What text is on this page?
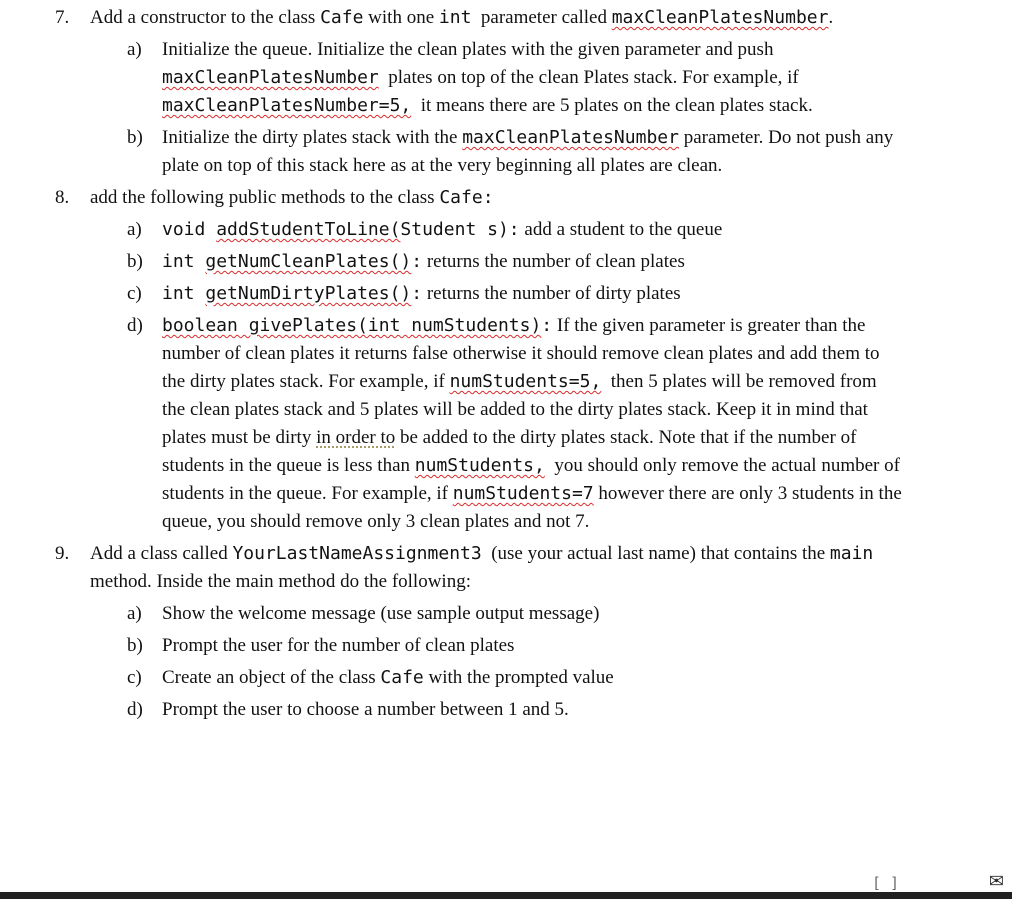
7.	Add a constructor to the class Cafe with one int  parameter called maxCleanPlatesNumber.
a)	Initialize the queue. Initialize the clean plates with the given parameter and push maxCleanPlatesNumber  plates on top of the clean Plates stack. For example, if maxCleanPlatesNumber=5,  it means there are 5 plates on the clean plates stack.
b)	Initialize the dirty plates stack with the maxCleanPlatesNumber parameter. Do not push any plate on top of this stack here as at the very beginning all plates are clean.
8.	add the following public methods to the class Cafe:
a)	void addStudentToLine(Student s): add a student to the queue
b)	int getNumCleanPlates(): returns the number of clean plates
c)	int getNumDirtyPlates(): returns the number of dirty plates
d)	boolean givePlates(int numStudents): If the given parameter is greater than the number of clean plates it returns false otherwise it should remove clean plates and add them to the dirty plates stack. For example, if numStudents=5,  then 5 plates will be removed from the clean plates stack and 5 plates will be added to the dirty plates stack. Keep it in mind that plates must be dirty in order to be added to the dirty plates stack. Note that if the number of students in the queue is less than numStudents,  you should only remove the actual number of students in the queue. For example, if numStudents=7 however there are only 3 students in the queue, you should remove only 3 clean plates and not 7.
9.	Add a class called YourLastNameAssignment3  (use your actual last name) that contains the main  method. Inside the main method do the following:
a)	Show the welcome message (use sample output message)
b)	Prompt the user for the number of clean plates
c)	Create an object of the class Cafe with the prompted value
d)	Prompt the user to choose a number between 1 and 5.
[ ]	✉
